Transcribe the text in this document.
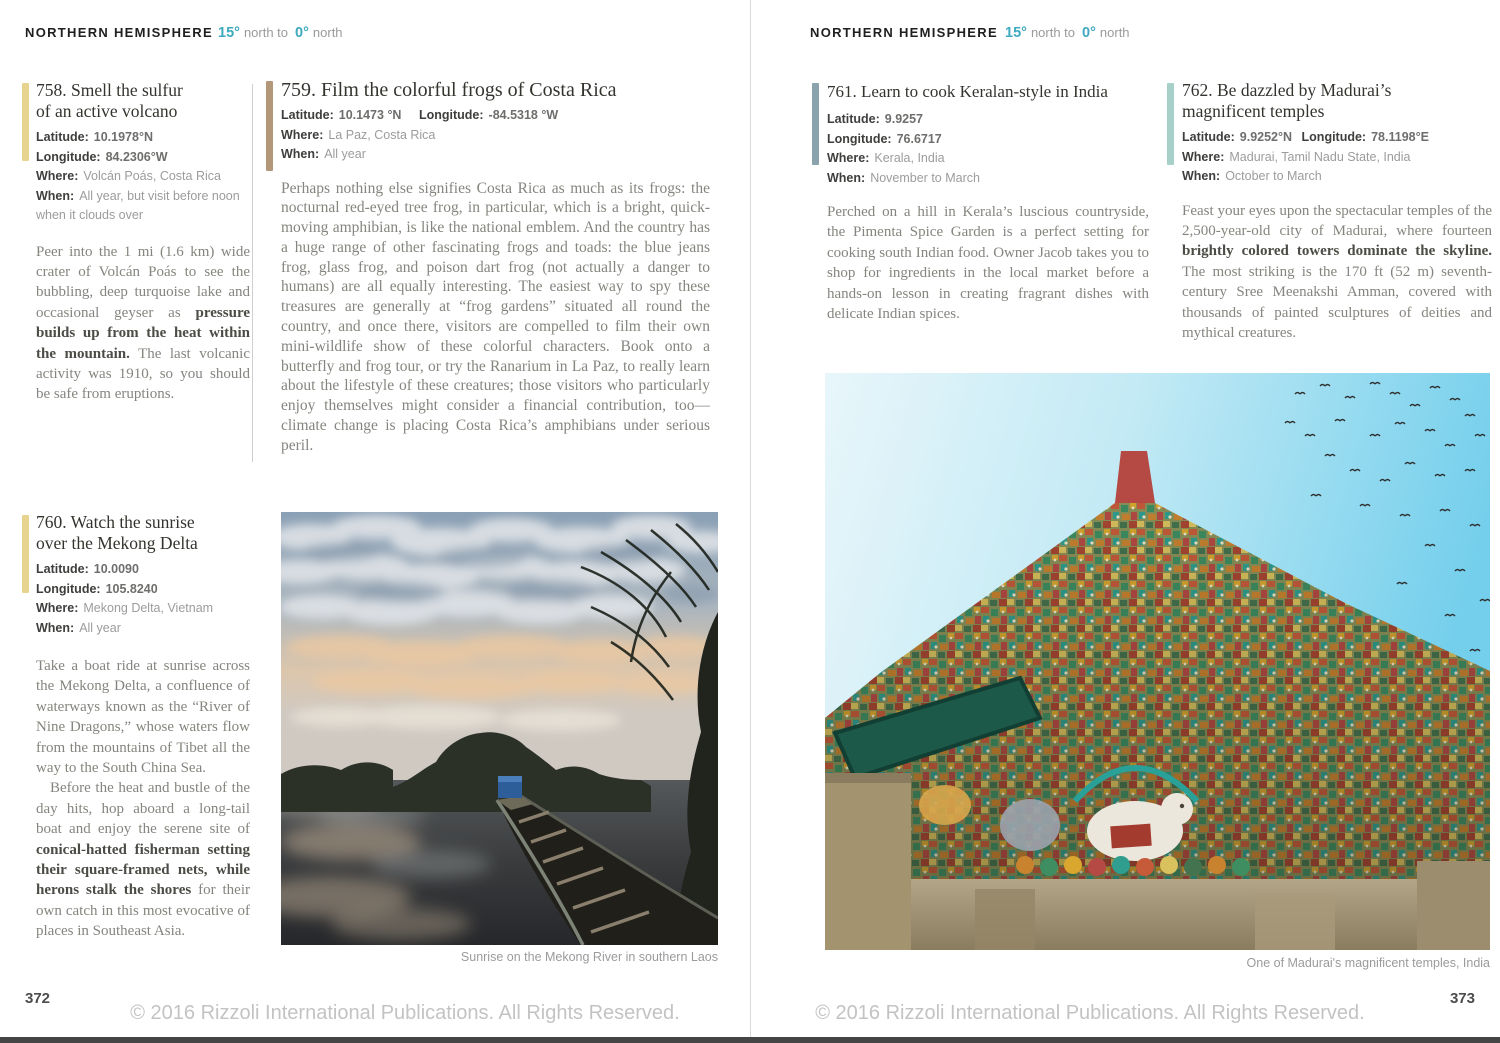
NORTHERN HEMISPHERE 15° north to 0° north	NORTHERN HEMISPHERE 15° north to 0° north
758. Smell the sulfur
of an active volcano
Latitude: 10.1978°N
Longitude: 84.2306°W
Where: Volcán Poás, Costa Rica
When: All year, but visit before noon when it clouds over
Peer into the 1 mi (1.6 km) wide crater of Volcán Poás to see the bubbling, deep turquoise lake and occasional geyser as pressure builds up from the heat within the mountain. The last volcanic activity was 1910, so you should be safe from eruptions.
759. Film the colorful frogs of Costa Rica
Latitude: 10.1473 °N Longitude: -84.5318 °W
Where: La Paz, Costa Rica
When: All year
Perhaps nothing else signifies Costa Rica as much as its frogs: the nocturnal red-eyed tree frog, in particular, which is a bright, quick-moving amphibian, is like the national emblem. And the country has a huge range of other fascinating frogs and toads: the blue jeans frog, glass frog, and poison dart frog (not actually a danger to humans) are all equally interesting. The easiest way to spy these treasures are generally at “frog gardens” situated all round the country, and once there, visitors are compelled to film their own mini-wildlife show of these colorful characters. Book onto a butterfly and frog tour, or try the Ranarium in La Paz, to really learn about the lifestyle of these creatures; those visitors who particularly enjoy themselves might consider a financial contribution, too—climate change is placing Costa Rica’s amphibians under serious peril.
760. Watch the sunrise
over the Mekong Delta
Latitude: 10.0090
Longitude: 105.8240
Where: Mekong Delta, Vietnam
When: All year
Take a boat ride at sunrise across the Mekong Delta, a confluence of waterways known as the “River of Nine Dragons,” whose waters flow from the mountains of Tibet all the way to the South China Sea.
Before the heat and bustle of the day hits, hop aboard a long-tail boat and enjoy the serene site of conical-hatted fisherman setting their square-framed nets, while herons stalk the shores for their own catch in this most evocative of places in Southeast Asia.
761. Learn to cook Keralan-style in India
Latitude: 9.9257
Longitude: 76.6717
Where: Kerala, India
When: November to March
Perched on a hill in Kerala’s luscious countryside, the Pimenta Spice Garden is a perfect setting for cooking south Indian food. Owner Jacob takes you to shop for ingredients in the local market before a hands-on lesson in creating fragrant dishes with delicate Indian spices.
762. Be dazzled by Madurai’s
magnificent temples
Latitude: 9.9252°N Longitude: 78.1198°E
Where: Madurai, Tamil Nadu State, India
When: October to March
Feast your eyes upon the spectacular temples of the 2,500-year-old city of Madurai, where fourteen brightly colored towers dominate the skyline. The most striking is the 170 ft (52 m) seventh-century Sree Meenakshi Amman, covered with thousands of painted sculptures of deities and mythical creatures.
Sunrise on the Mekong River in southern Laos	One of Madurai's magnificent temples, India
372	373
© 2016 Rizzoli International Publications. All Rights Reserved.	© 2016 Rizzoli International Publications. All Rights Reserved.
